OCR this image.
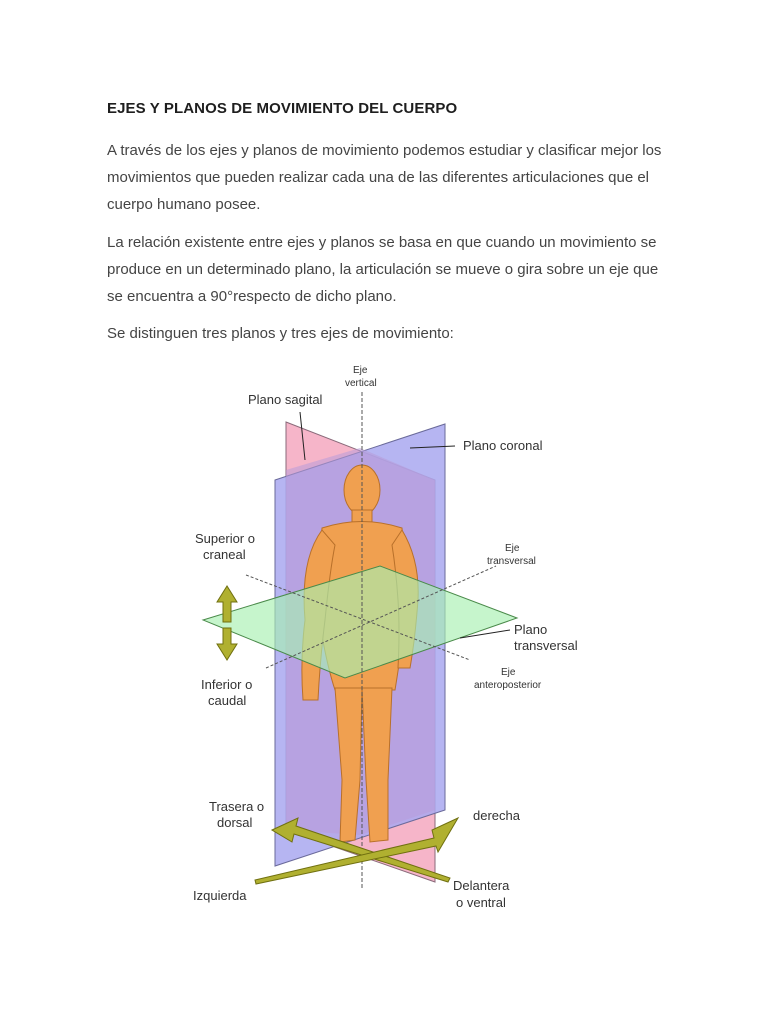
EJES Y PLANOS DE MOVIMIENTO DEL CUERPO
A través de los ejes y planos de movimiento podemos estudiar y clasificar mejor los movimientos que pueden realizar cada una de las diferentes articulaciones que el cuerpo humano posee.
La relación existente entre ejes y planos se basa en que cuando un movimiento se produce en un determinado plano, la articulación se mueve o gira sobre un eje que se encuentra a 90°respecto de dicho plano.
Se distinguen tres planos y tres ejes de movimiento:
Eje
vertical
Plano sagital
Plano coronal
Superior o
craneal	Eje
transversal
Plano
transversal
Eje
anteroposterior
Inferior o
caudal
Trasera o
dorsal	derecha
Izquierda
Delantera
o ventral
